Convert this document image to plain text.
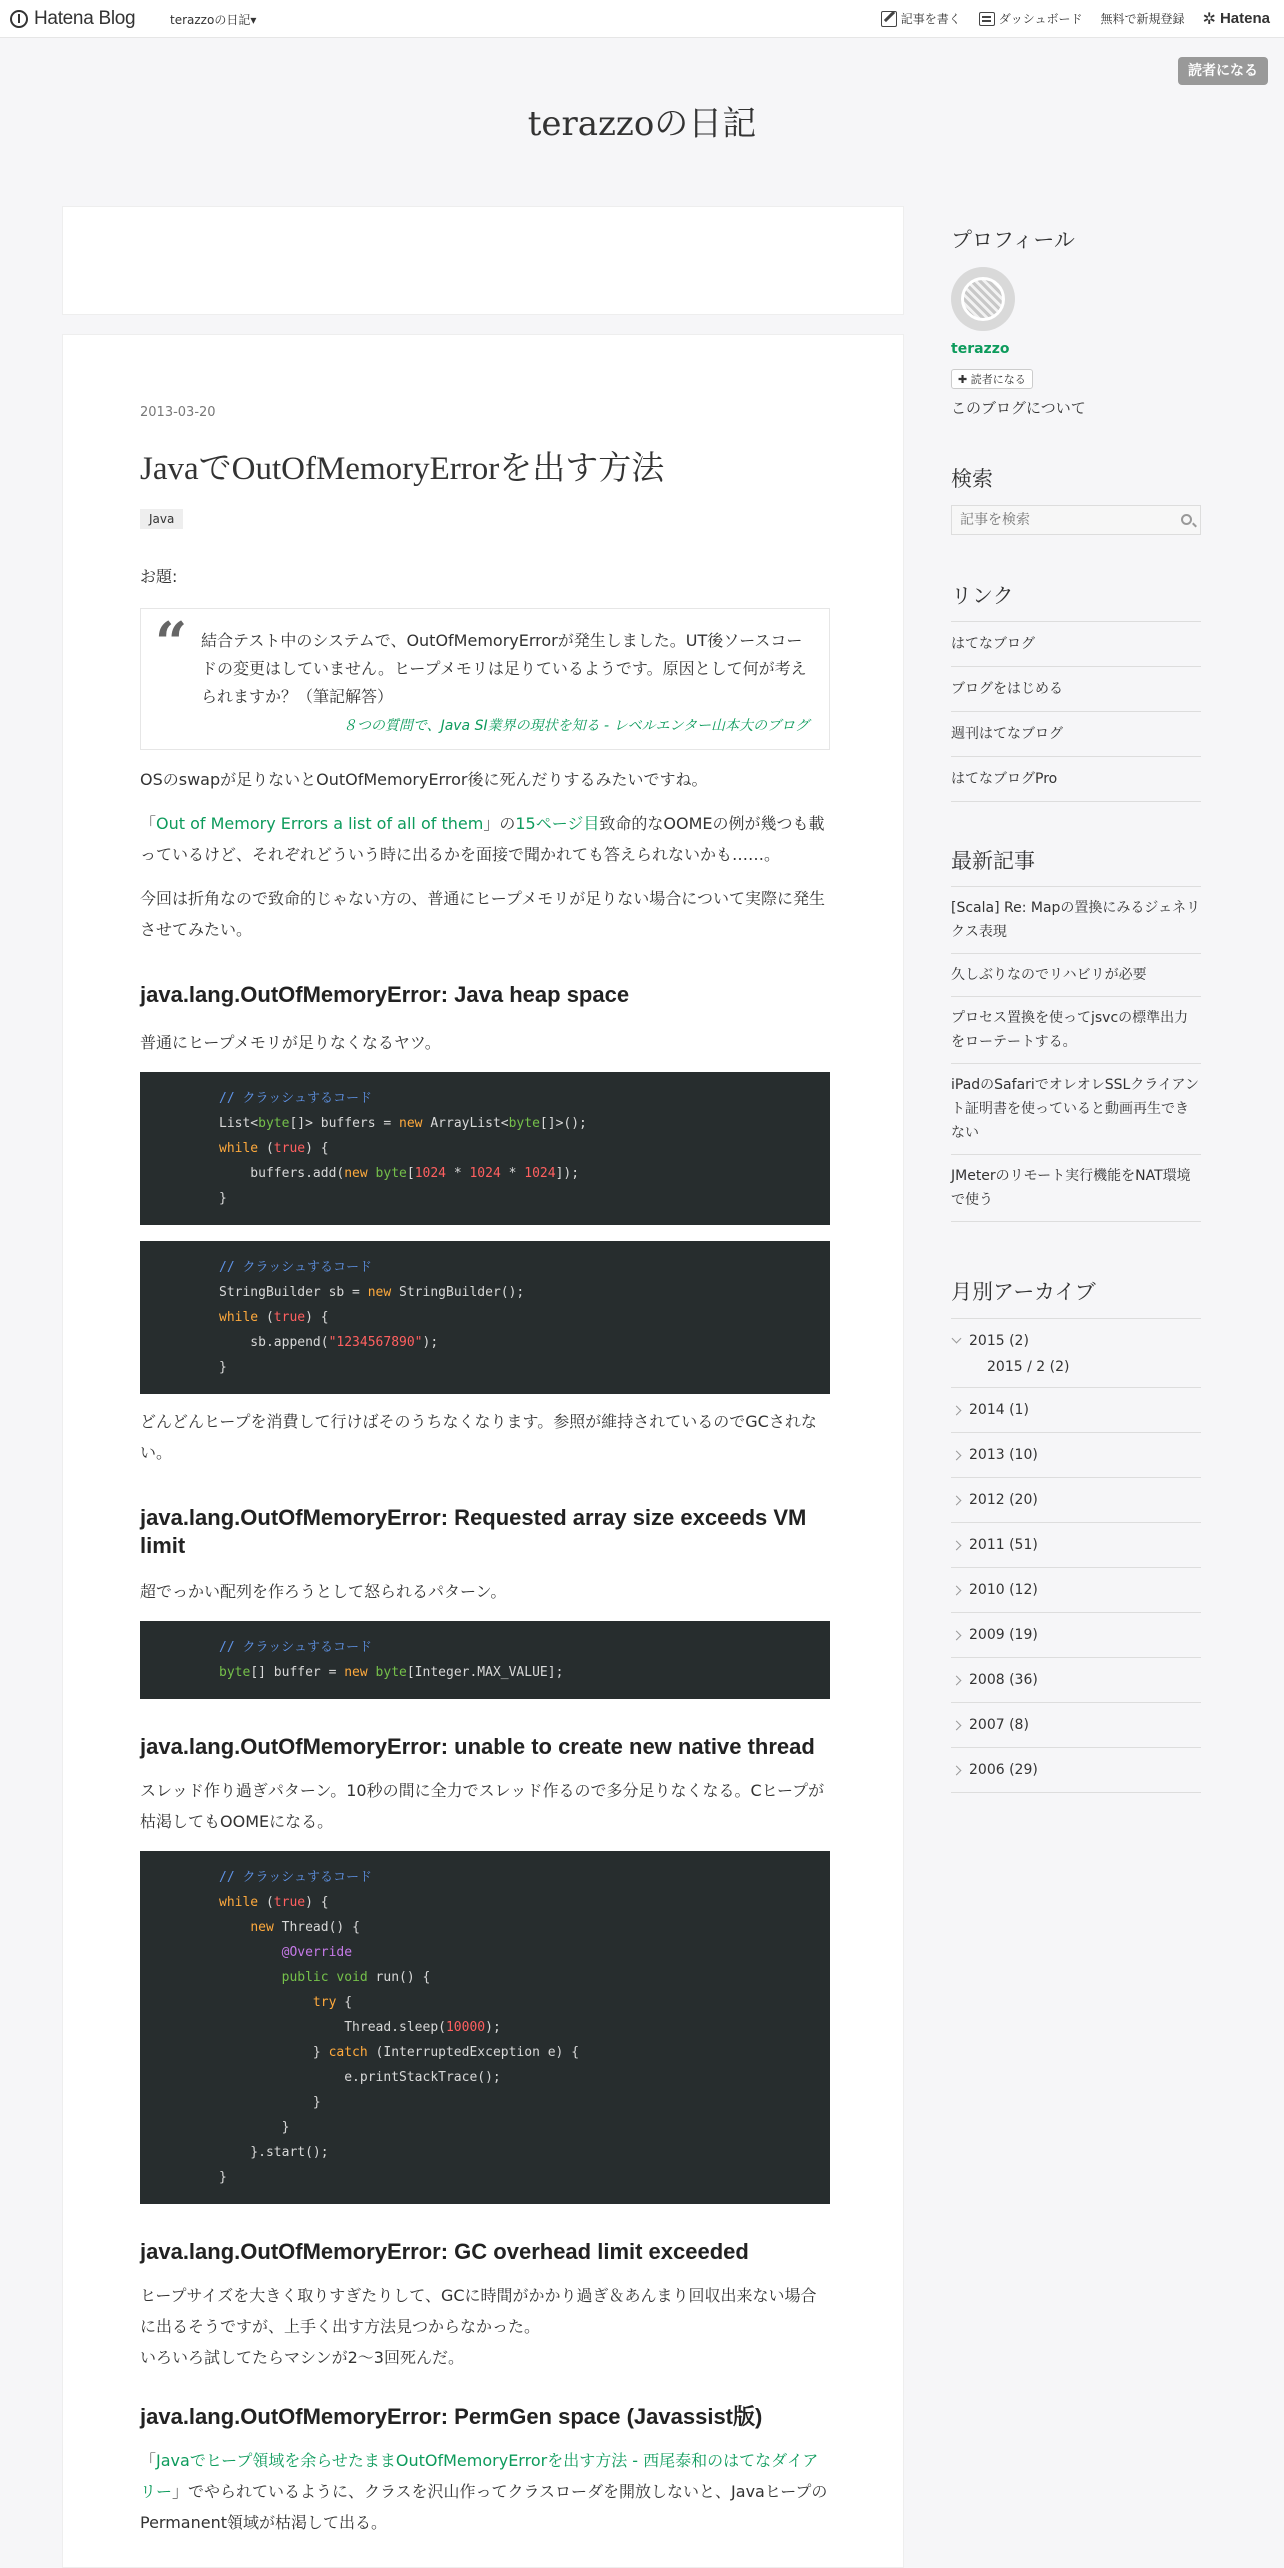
Hatena Blog	terazzoの日記▾	記事を書く	ダッシュボード 無料で新規登録 ✲ Hatena
読者になる
terazzoの日記
2013-03-20
JavaでOutOfMemoryErrorを出す方法
Java
お題:
“ 結合テスト中のシステムで、OutOfMemoryErrorが発生しました。UT後ソースコードの変更はしていません。ヒープメモリは足りているようです。原因として何が考えられますか？（筆記解答）
８つの質問で、Java SI業界の現状を知る - レベルエンター山本大のブログ
OSのswapが足りないとOutOfMemoryError後に死んだりするみたいですね。
「Out of Memory Errors a list of all of them」の15ページ目致命的なOOMEの例が幾つも載っているけど、それぞれどういう時に出るかを面接で聞かれても答えられないかも……。
今回は折角なので致命的じゃない方の、普通にヒープメモリが足りない場合について実際に発生させてみたい。
java.lang.OutOfMemoryError: Java heap space
普通にヒープメモリが足りなくなるヤツ。
// クラッシュするコード
List<byte[]> buffers = new ArrayList<byte[]>();
while (true) {
buffers.add(new byte[1024 * 1024 * 1024]);
}
// クラッシュするコード
StringBuilder sb = new StringBuilder();
while (true) {
sb.append("1234567890");
}
どんどんヒープを消費して行けばそのうちなくなります。参照が維持されているのでGCされない。
java.lang.OutOfMemoryError: Requested array size exceeds VM limit
超でっかい配列を作ろうとして怒られるパターン。
// クラッシュするコード
byte[] buffer = new byte[Integer.MAX_VALUE];
java.lang.OutOfMemoryError: unable to create new native thread
スレッド作り過ぎパターン。10秒の間に全力でスレッド作るので多分足りなくなる。Cヒープが枯渇してもOOMEになる。
// クラッシュするコード
while (true) {
new Thread() {
@Override
public void run() {
try {
Thread.sleep(10000);
} catch (InterruptedException e) {
e.printStackTrace();
}
}
}.start();
}
java.lang.OutOfMemoryError: GC overhead limit exceeded
ヒープサイズを大きく取りすぎたりして、GCに時間がかかり過ぎ＆あんまり回収出来ない場合に出るそうですが、上手く出す方法見つからなかった。
いろいろ試してたらマシンが2〜3回死んだ。
java.lang.OutOfMemoryError: PermGen space (Javassist版)
「Javaでヒープ領域を余らせたままOutOfMemoryErrorを出す方法 - 西尾泰和のはてなダイアリー」でやられているように、クラスを沢山作ってクラスローダを開放しないと、JavaヒープのPermanent領域が枯渇して出る。
プロフィール
terazzo
✚ 読者になる
このブログについて
検索
記事を検索
リンク
はてなブログ
ブログをはじめる
週刊はてなブログ
はてなブログPro
最新記事
[Scala] Re: Mapの置換にみるジェネリクス表現
久しぶりなのでリハビリが必要
プロセス置換を使ってjsvcの標準出力をローテートする。
iPadのSafariでオレオレSSLクライアント証明書を使っていると動画再生できない
JMeterのリモート実行機能をNAT環境で使う
月別アーカイブ
2015 (2)
2015 / 2 (2)
2014 (1)
2013 (10)
2012 (20)
2011 (51)
2010 (12)
2009 (19)
2008 (36)
2007 (8)
2006 (29)
